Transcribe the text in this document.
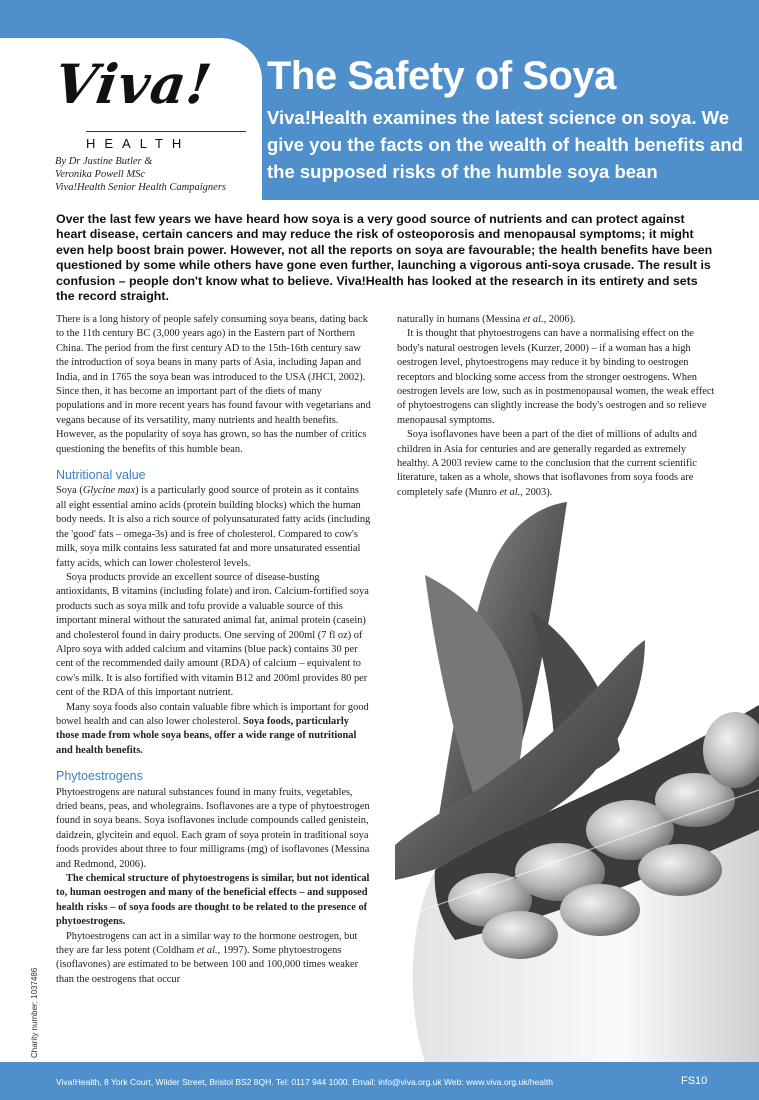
Viva!
HEALTH
By Dr Justine Butler &
Veronika Powell MSc
Viva!Health Senior Health Campaigners
The Safety of Soya

Viva!Health examines the latest science on soya. We give you the facts on the wealth of health benefits and the supposed risks of the humble soya bean

Over the last few years we have heard how soya is a very good source of nutrients and can protect against heart disease, certain cancers and may reduce the risk of osteoporosis and menopausal symptoms; it might even help boost brain power. However, not all the reports on soya are favourable; the health benefits have been questioned by some while others have gone even further, launching a vigorous anti-soya crusade. The result is confusion – people don't know what to believe. Viva!Health has looked at the research in its entirety and sets the record straight.

There is a long history of people safely consuming soya beans, dating back to the 11th century BC (3,000 years ago) in the Eastern part of Northern China. The period from the first century AD to the 15th-16th century saw the introduction of soya beans in many parts of Asia, including Japan and India, and in 1765 the soya bean was introduced to the USA (JHCI, 2002). Since then, it has become an important part of the diets of many populations and in more recent years has found favour with vegetarians and vegans because of its versatility, many nutrients and health benefits. However, as the popularity of soya has grown, so has the number of critics questioning the benefits of this humble bean.

Nutritional value

Soya (Glycine max) is a particularly good source of protein as it contains all eight essential amino acids (protein building blocks) which the human body needs. It is also a rich source of polyunsaturated fatty acids (including the 'good' fats – omega-3s) and is free of cholesterol. Compared to cow's milk, soya milk contains less saturated fat and more unsaturated essential fatty acids, which can lower cholesterol levels.

Soya products provide an excellent source of disease-busting antioxidants, B vitamins (including folate) and iron. Calcium-fortified soya products such as soya milk and tofu provide a valuable source of this important mineral without the saturated animal fat, animal protein (casein) and cholesterol found in dairy products. One serving of 200ml (7 fl oz) of Alpro soya with added calcium and vitamins (blue pack) contains 30 per cent of the recommended daily amount (RDA) of calcium – equivalent to cow's milk. It is also fortified with vitamin B12 and 200ml provides 80 per cent of the RDA of this important nutrient.

Many soya foods also contain valuable fibre which is important for good bowel health and can also lower cholesterol. Soya foods, particularly those made from whole soya beans, offer a wide range of nutritional and health benefits.

Phytoestrogens

Phytoestrogens are natural substances found in many fruits, vegetables, dried beans, peas, and wholegrains. Isoflavones are a type of phytoestrogen found in soya beans. Soya isoflavones include compounds called genistein, daidzein, glycitein and equol. Each gram of soya protein in traditional soya foods provides about three to four milligrams (mg) of isoflavones (Messina and Redmond, 2006).

The chemical structure of phytoestrogens is similar, but not identical to, human oestrogen and many of the beneficial effects – and supposed health risks – of soya foods are thought to be related to the presence of phytoestrogens.

Phytoestrogens can act in a similar way to the hormone oestrogen, but they are far less potent (Coldham et al., 1997). Some phytoestrogens (isoflavones) are estimated to be between 100 and 100,000 times weaker than the oestrogens that occur

naturally in humans (Messina et al., 2006).

It is thought that phytoestrogens can have a normalising effect on the body's natural oestrogen levels (Kurzer, 2000) – if a woman has a high oestrogen level, phytoestrogens may reduce it by binding to oestrogen receptors and blocking some access from the stronger oestrogens. When oestrogen levels are low, such as in postmenopausal women, the weak effect of phytoestrogens can slightly increase the body's oestrogen and so relieve menopausal symptoms.

Soya isoflavones have been a part of the diet of millions of adults and children in Asia for centuries and are generally regarded as extremely healthy. A 2003 review came to the conclusion that the current scientific literature, taken as a whole, shows that isoflavones from soya foods are completely safe (Munro et al., 2003).

Charity number: 1037486
Viva!Health, 8 York Court, Wilder Street, Bristol BS2 8QH. Tel: 0117 944 1000. Email: info@viva.org.uk Web: www.viva.org.uk/health	FS10
